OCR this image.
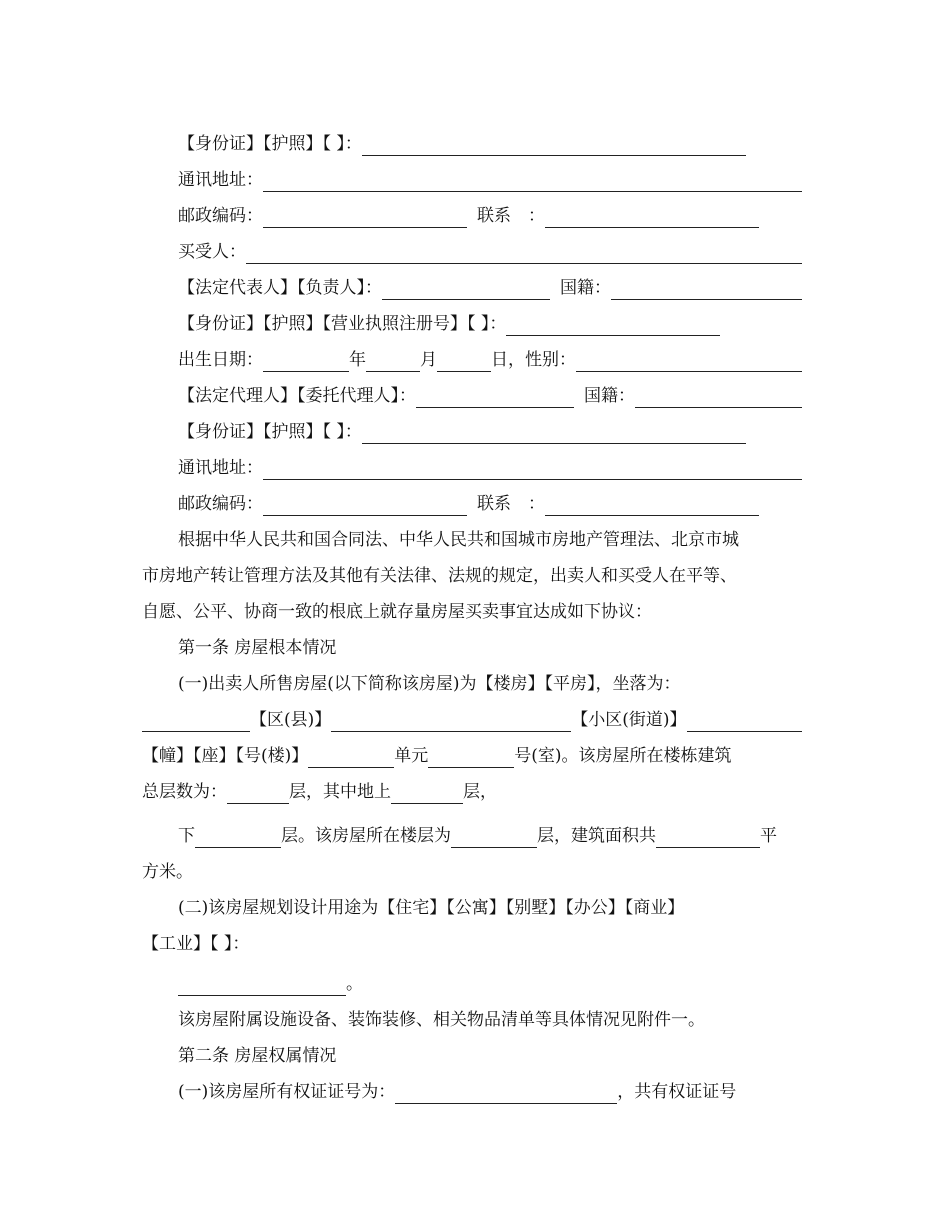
【身份证】【护照】【 】：
通讯地址：
邮政编码：	联系　：
买受人：
【法定代表人】【负责人】：	国籍：
【身份证】【护照】【营业执照注册号】【 】：
出生日期：	年	月	日，性别：
【法定代理人】【委托代理人】：	国籍：
【身份证】【护照】【 】：
通讯地址：
邮政编码：	联系　：
根据中华人民共和国合同法、中华人民共和国城市房地产管理法、北京市城
市房地产转让管理方法及其他有关法律、法规的规定，出卖人和买受人在平等、
自愿、公平、协商一致的根底上就存量房屋买卖事宜达成如下协议：
第一条 房屋根本情况
(一)出卖人所售房屋(以下简称该房屋)为【楼房】【平房】，坐落为：
【区(县)】	【小区(街道)】
【幢】【座】【号(楼)】	单元	号(室)。该房屋所在楼栋建筑
总层数为：	层，其中地上	层，
下	层。该房屋所在楼层为	层，建筑面积共	平
方米。
(二)该房屋规划设计用途为【住宅】【公寓】【别墅】【办公】【商业】
【工业】【 】：
。
该房屋附属设施设备、装饰装修、相关物品清单等具体情况见附件一。
第二条 房屋权属情况
(一)该房屋所有权证证号为：	，共有权证证号
